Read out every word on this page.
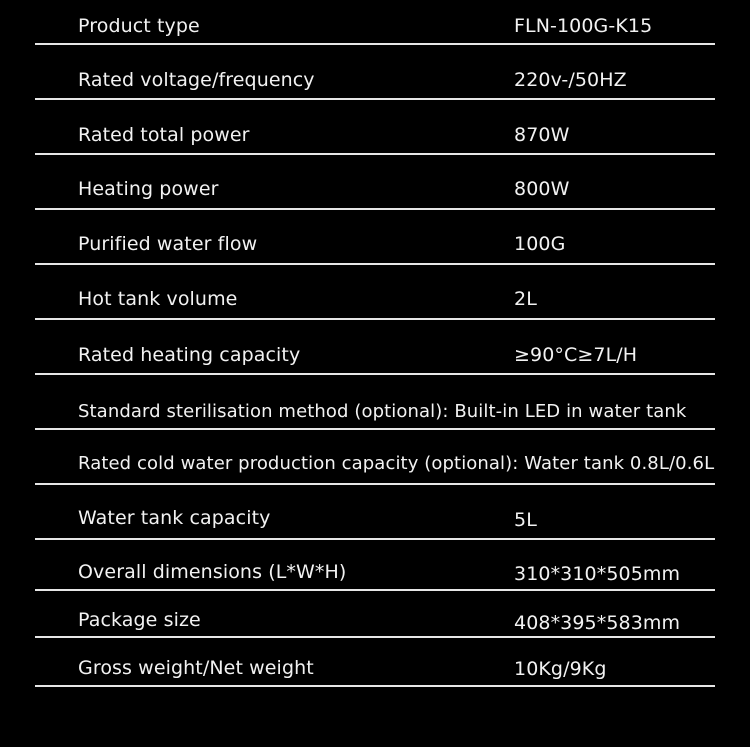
Product type	FLN-100G-K15
Rated voltage/frequency	220v-/50HZ
Rated total power	870W
Heating power	800W
Purified water flow	100G
Hot tank volume	2L
Rated heating capacity	≥90°C≥7L/H
Standard sterilisation method (optional): Built-in LED in water tank
Rated cold water production capacity (optional): Water tank 0.8L/0.6L
Water tank capacity	5L
Overall dimensions (L*W*H)	310*310*505mm
Package size	408*395*583mm
Gross weight/Net weight	10Kg/9Kg
